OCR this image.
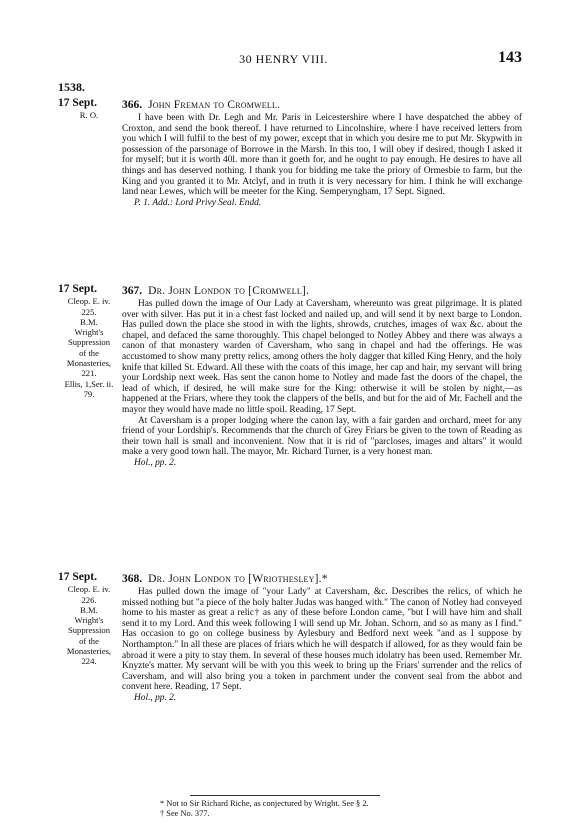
30 HENRY VIII.	143
1538.
17 Sept.
R. O.
366. John Freman to Cromwell.

I have been with Dr. Legh and Mr. Paris in Leicestershire where I have despatched the abbey of Croxton, and send the book thereof. I have returned to Lincolnshire, where I have received letters from you which I will fulfil to the best of my power, except that in which you desire me to put Mr. Skypwith in possession of the parsonage of Borrowe in the Marsh. In this too, I will obey if desired, though I asked it for myself; but it is worth 40l. more than it goeth for, and he ought to pay enough. He desires to have all things and has deserved nothing. I thank you for bidding me take the priory of Ormesbie to farm, but the King and you granted it to Mr. Atclyf, and in truth it is very necessary for him. I think he will exchange land near Lewes, which will be meeter for the King. Semperyngham, 17 Sept. Signed.

P. 1. Add.: Lord Privy Seal. Endd.

17 Sept.
Cleop. E. iv.
225.
B.M.
Wright's
Suppression
of the
Monasteries,
221.
Ellis, 1,Ser. ii.
79.
367. Dr. John London to [Cromwell].

Has pulled down the image of Our Lady at Caversham, whereunto was great pilgrimage. It is plated over with silver. Has put it in a chest fast locked and nailed up, and will send it by next barge to London. Has pulled down the place she stood in with the lights, shrowds, crutches, images of wax &c. about the chapel, and defaced the same thoroughly. This chapel belonged to Notley Abbey and there was always a canon of that monastery warden of Caversham, who sang in chapel and had the offerings. He was accustomed to show many pretty relics, among others the holy dagger that killed King Henry, and the holy knife that killed St. Edward. All these with the coats of this image, her cap and hair, my servant will bring your Lordship next week. Has sent the canon home to Notley and made fast the doors of the chapel, the lead of which, if desired, he will make sure for the King: otherwise it will be stolen by night,—as happened at the Friars, where they took the clappers of the bells, and but for the aid of Mr. Fachell and the mayor they would have made no little spoil. Reading, 17 Sept.

At Caversham is a proper lodging where the canon lay, with a fair garden and orchard, meet for any friend of your Lordship's. Recommends that the church of Grey Friars be given to the town of Reading as their town hall is small and inconvenient. Now that it is rid of "parcloses, images and altars" it would make a very good town hall. The mayor, Mr. Richard Turner, is a very honest man.

Hol., pp. 2.

17 Sept.
Cleop. E. iv.
226.
B.M.
Wright's
Suppression
of the
Monasteries,
224.
368. Dr. John London to [Wriothesley].*

Has pulled down the image of "your Lady" at Caversham, &c. Describes the relics, of which he missed nothing but "a piece of the holy halter Judas was hanged with." The canon of Notley had conveyed home to his master as great a relic† as any of these before London came, "but I will have him and shall send it to my Lord. And this week following I will send up Mr. Johan. Schorn, and so as many as I find." Has occasion to go on college business by Aylesbury and Bedford next week "and as I suppose by Northampton." In all these are places of friars which he will despatch if allowed, for as they would fain be abroad it were a pity to stay them. In several of these houses much idolatry has been used. Remember Mr. Knyzte's matter. My servant will be with you this week to bring up the Friars' surrender and the relics of Caversham, and will also bring you a token in parchment under the convent seal from the abbot and convent here. Reading, 17 Sept.

Hol., pp. 2.

* Not to Sir Richard Riche, as conjectured by Wright. See § 2.
† See No. 377.
